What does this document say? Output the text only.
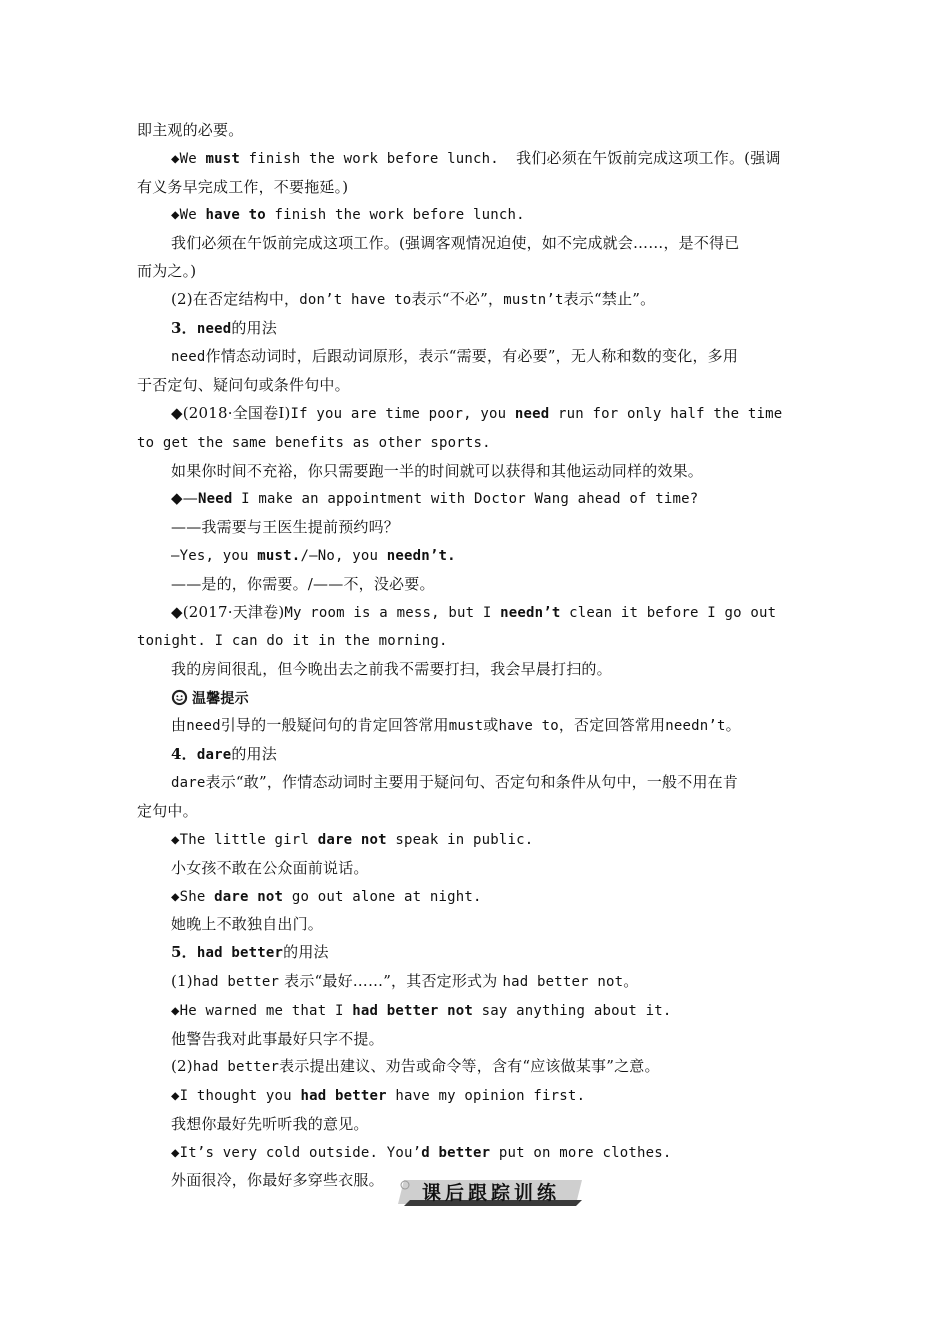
即主观的必要。
◆We must finish the work before lunch.  我们必须在午饭前完成这项工作。(强调
有义务早完成工作，不要拖延。)
◆We have to finish the work before lunch.
我们必须在午饭前完成这项工作。(强调客观情况迫使，如不完成就会……，是不得已
而为之。)
(2)在否定结构中，don’t have to表示“不必”，mustn’t表示“禁止”。
3．need的用法
need作情态动词时，后跟动词原形，表示“需要，有必要”，无人称和数的变化，多用
于否定句、疑问句或条件句中。
◆(2018·全国卷Ⅰ)If you are time poor, you need run for only half the time
to get the same benefits as other sports.
如果你时间不充裕，你只需要跑一半的时间就可以获得和其他运动同样的效果。
◆—Need I make an appointment with Doctor Wang ahead of time?
——我需要与王医生提前预约吗？
—Yes, you must./—No, you needn’t.
——是的，你需要。/——不，没必要。
◆(2017·天津卷)My room is a mess, but I needn’t clean it before I go out
tonight. I can do it in the morning.
我的房间很乱，但今晚出去之前我不需要打扫，我会早晨打扫的。
温馨提示
由need引导的一般疑问句的肯定回答常用must或have to，否定回答常用needn’t。
4．dare的用法
dare表示“敢”，作情态动词时主要用于疑问句、否定句和条件从句中，一般不用在肯
定句中。
◆The little girl dare not speak in public.
小女孩不敢在公众面前说话。
◆She dare not go out alone at night.
她晚上不敢独自出门。
5．had better的用法
(1)had better 表示“最好……”，其否定形式为 had better not。
◆He warned me that I had better not say anything about it.
他警告我对此事最好只字不提。
(2)had better表示提出建议、劝告或命令等，含有“应该做某事”之意。
◆I thought you had better have my opinion first.
我想你最好先听听我的意见。
◆It’s very cold outside. You’d better put on more clothes.
外面很冷，你最好多穿些衣服。
课后跟踪训练
